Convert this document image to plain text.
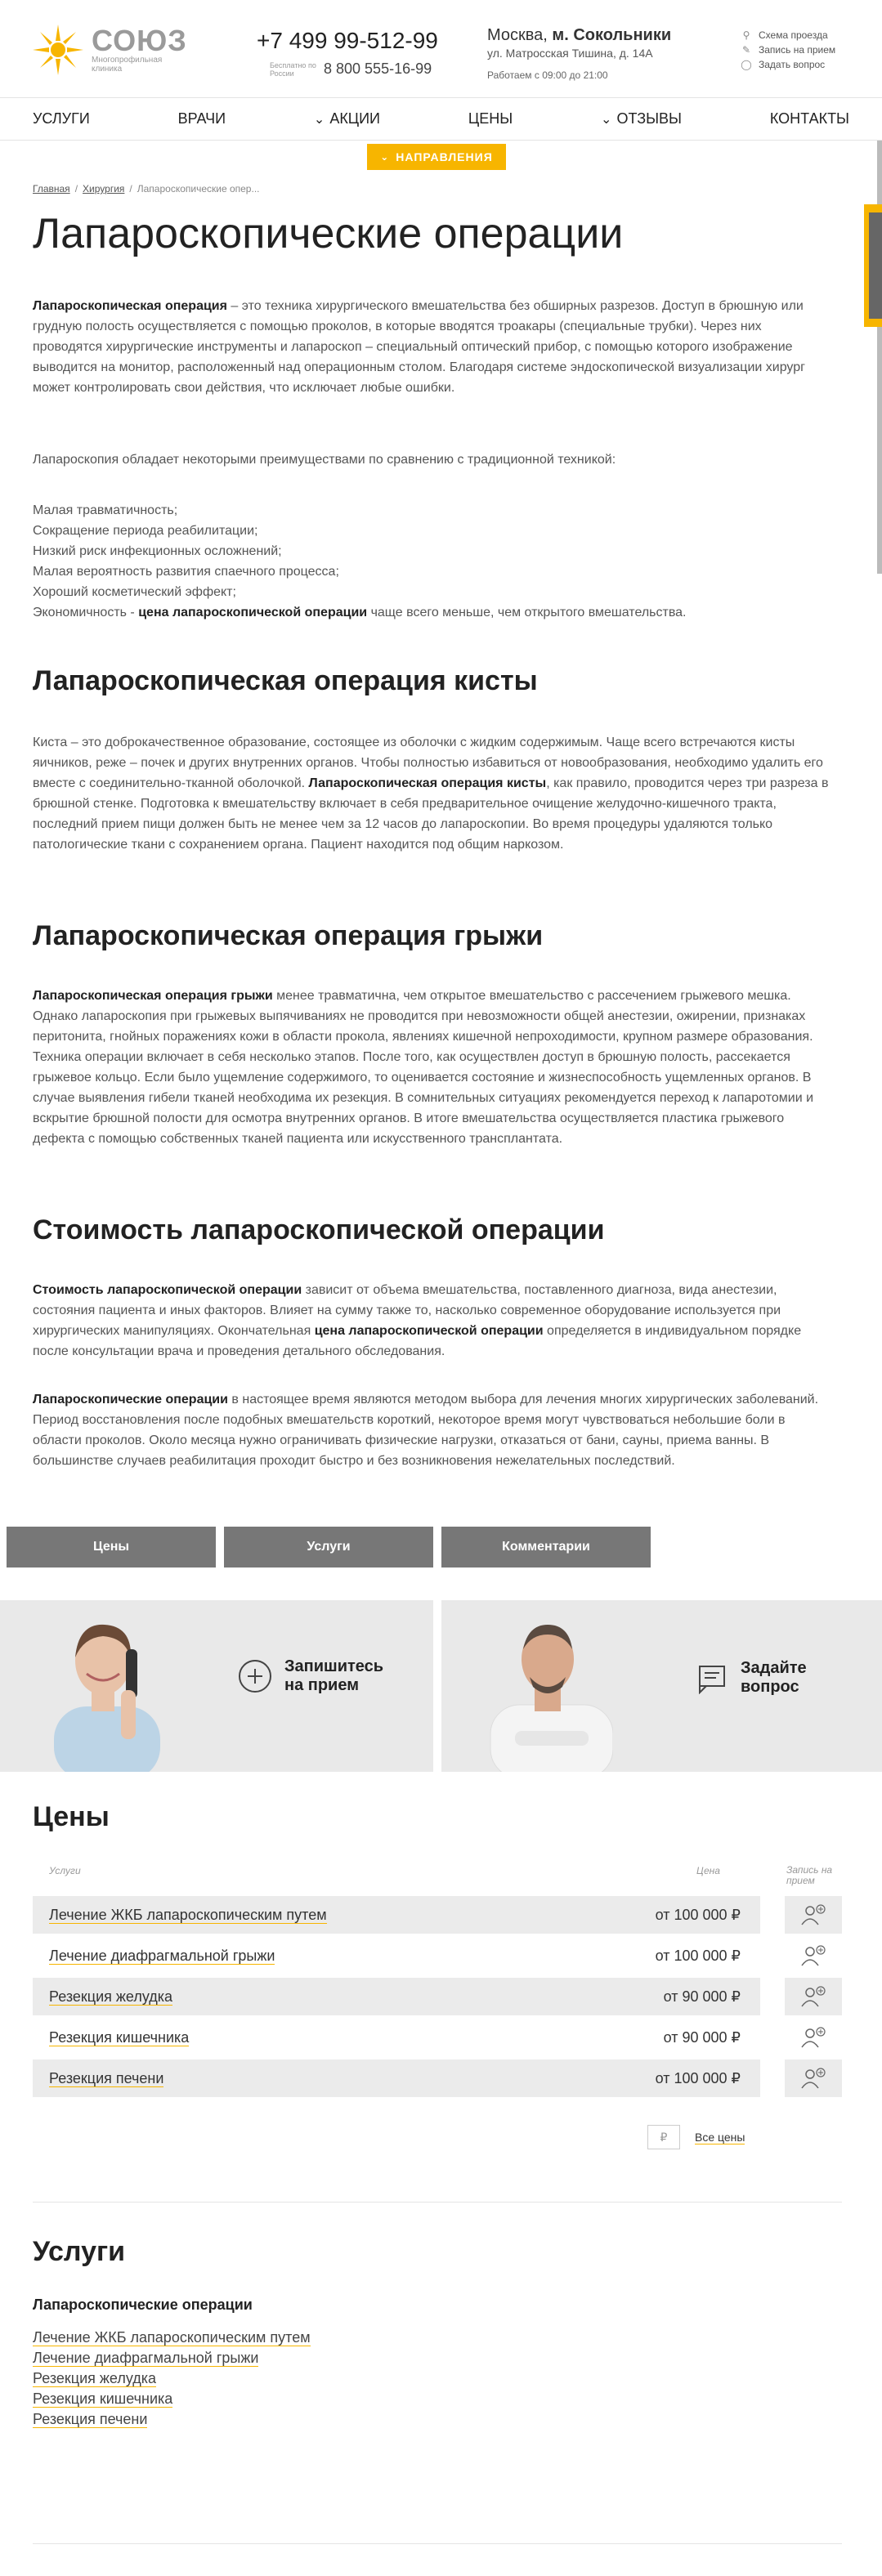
СОЮЗ
Многопрофильная клиника
+7 499 99-512-99
Бесплатно по России	8 800 555-16-99
Москва, м. Сокольники
ул. Матросская Тишина, д. 14А
Работаем с 09:00 до 21:00
⚲ Схема проезда
✎ Запись на прием
◯ Задать вопрос
УСЛУГИ	ВРАЧИ	⌄ АКЦИИ	ЦЕНЫ	⌄ ОТЗЫВЫ	КОНТАКТЫ
⌄ НАПРАВЛЕНИЯ
Главная / Хирургия / Лапароскопические опер...
Лапароскопические операции

Лапароскопическая операция – это техника хирургического вмешательства без обширных разрезов. Доступ в брюшную или грудную полость осуществляется с помощью проколов, в которые вводятся троакары (специальные трубки). Через них проводятся хирургические инструменты и лапароскоп – специальный оптический прибор, с помощью которого изображение выводится на монитор, расположенный над операционным столом. Благодаря системе эндоскопической визуализации хирург может контролировать свои действия, что исключает любые ошибки.

Лапароскопия обладает некоторыми преимуществами по сравнению с традиционной техникой:

Малая травматичность;
Сокращение периода реабилитации;
Низкий риск инфекционных осложнений;
Малая вероятность развития спаечного процесса;
Хороший косметический эффект;
Экономичность - цена лапароскопической операции чаще всего меньше, чем открытого вмешательства.
Лапароскопическая операция кисты

Киста – это доброкачественное образование, состоящее из оболочки с жидким содержимым. Чаще всего встречаются кисты яичников, реже – почек и других внутренних органов. Чтобы полностью избавиться от новообразования, необходимо удалить его вместе с соединительно-тканной оболочкой. Лапароскопическая операция кисты, как правило, проводится через три разреза в брюшной стенке. Подготовка к вмешательству включает в себя предварительное очищение желудочно-кишечного тракта, последний прием пищи должен быть не менее чем за 12 часов до лапароскопии. Во время процедуры удаляются только патологические ткани с сохранением органа. Пациент находится под общим наркозом.

Лапароскопическая операция грыжи

Лапароскопическая операция грыжи менее травматична, чем открытое вмешательство с рассечением грыжевого мешка. Однако лапароскопия при грыжевых выпячиваниях не проводится при невозможности общей анестезии, ожирении, признаках перитонита, гнойных поражениях кожи в области прокола, явлениях кишечной непроходимости, крупном размере образования. Техника операции включает в себя несколько этапов. После того, как осуществлен доступ в брюшную полость, рассекается грыжевое кольцо. Если было ущемление содержимого, то оценивается состояние и жизнеспособность ущемленных органов. В случае выявления гибели тканей необходима их резекция. В сомнительных ситуациях рекомендуется переход к лапаротомии и вскрытие брюшной полости для осмотра внутренних органов. В итоге вмешательства осуществляется пластика грыжевого дефекта с помощью собственных тканей пациента или искусственного трансплантата.

Стоимость лапароскопической операции

Стоимость лапароскопической операции зависит от объема вмешательства, поставленного диагноза, вида анестезии, состояния пациента и иных факторов. Влияет на сумму также то, насколько современное оборудование используется при хирургических манипуляциях. Окончательная цена лапароскопической операции определяется в индивидуальном порядке после консультации врача и проведения детального обследования.

Лапароскопические операции в настоящее время являются методом выбора для лечения многих хирургических заболеваний. Период восстановления после подобных вмешательств короткий, некоторое время могут чувствоваться небольшие боли в области проколов. Около месяца нужно ограничивать физические нагрузки, отказаться от бани, сауны, приема ванны. В большинстве случаев реабилитация проходит быстро и без возникновения нежелательных последствий.

Цены	Услуги	Комментарии
Запишитесь на прием
Задайте вопрос
Цены
Услуги	Цена	Запись на прием
Лечение ЖКБ лапароскопическим путем	от 100 000 ₽
Лечение диафрагмальной грыжи	от 100 000 ₽
Резекция желудка	от 90 000 ₽
Резекция кишечника	от 90 000 ₽
Резекция печени	от 100 000 ₽
₽	Все цены
Услуги
Лапароскопические операции
Лечение ЖКБ лапароскопическим путем
Лечение диафрагмальной грыжи
Резекция желудка
Резекция кишечника
Резекция печени
